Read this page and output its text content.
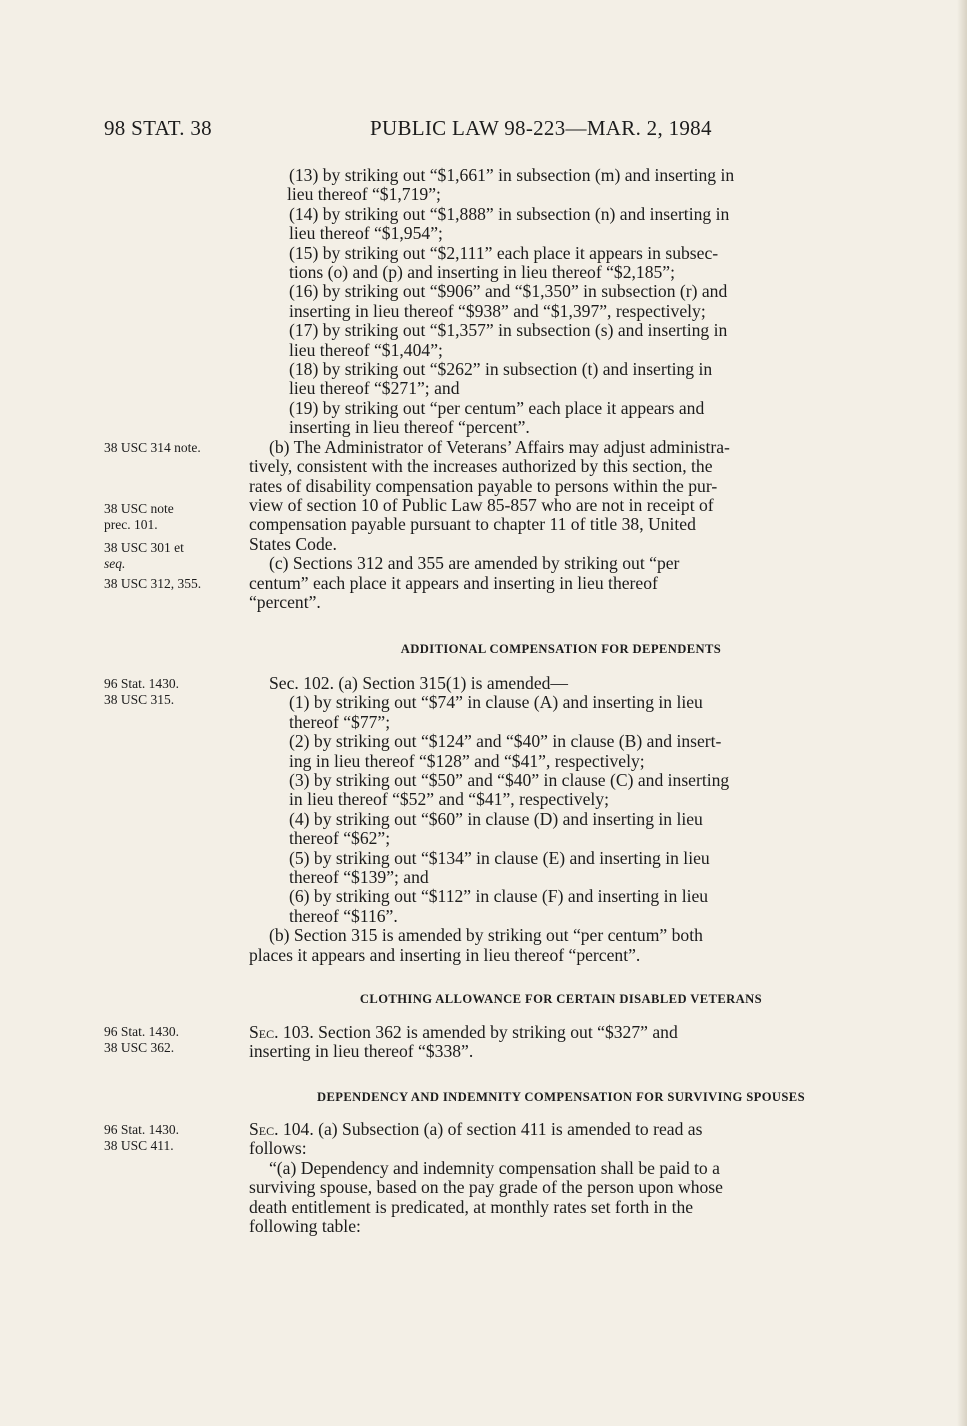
98 STAT. 38	PUBLIC LAW 98-223—MAR. 2, 1984
38 USC 314 note.
38 USC note
prec. 101.
38 USC 301 et
seq.
38 USC 312, 355.
96 Stat. 1430.
38 USC 315.
96 Stat. 1430.
38 USC 362.
96 Stat. 1430.
38 USC 411.
(13) by striking out “$1,661” in subsection (m) and inserting in
lieu thereof “$1,719”;
(14) by striking out “$1,888” in subsection (n) and inserting in
lieu thereof “$1,954”;
(15) by striking out “$2,111” each place it appears in subsec-
tions (o) and (p) and inserting in lieu thereof “$2,185”;
(16) by striking out “$906” and “$1,350” in subsection (r) and
inserting in lieu thereof “$938” and “$1,397”, respectively;
(17) by striking out “$1,357” in subsection (s) and inserting in
lieu thereof “$1,404”;
(18) by striking out “$262” in subsection (t) and inserting in
lieu thereof “$271”; and
(19) by striking out “per centum” each place it appears and
inserting in lieu thereof “percent”.
(b) The Administrator of Veterans’ Affairs may adjust administra-
tively, consistent with the increases authorized by this section, the
rates of disability compensation payable to persons within the pur-
view of section 10 of Public Law 85-857 who are not in receipt of
compensation payable pursuant to chapter 11 of title 38, United
States Code.
(c) Sections 312 and 355 are amended by striking out “per
centum” each place it appears and inserting in lieu thereof
“percent”.
ADDITIONAL COMPENSATION FOR DEPENDENTS
Sec. 102. (a) Section 315(1) is amended—
(1) by striking out “$74” in clause (A) and inserting in lieu
thereof “$77”;
(2) by striking out “$124” and “$40” in clause (B) and insert-
ing in lieu thereof “$128” and “$41”, respectively;
(3) by striking out “$50” and “$40” in clause (C) and inserting
in lieu thereof “$52” and “$41”, respectively;
(4) by striking out “$60” in clause (D) and inserting in lieu
thereof “$62”;
(5) by striking out “$134” in clause (E) and inserting in lieu
thereof “$139”; and
(6) by striking out “$112” in clause (F) and inserting in lieu
thereof “$116”.
(b) Section 315 is amended by striking out “per centum” both
places it appears and inserting in lieu thereof “percent”.
CLOTHING ALLOWANCE FOR CERTAIN DISABLED VETERANS
Sec. 103. Section 362 is amended by striking out “$327” and
inserting in lieu thereof “$338”.
DEPENDENCY AND INDEMNITY COMPENSATION FOR SURVIVING SPOUSES
Sec. 104. (a) Subsection (a) of section 411 is amended to read as
follows:
“(a) Dependency and indemnity compensation shall be paid to a
surviving spouse, based on the pay grade of the person upon whose
death entitlement is predicated, at monthly rates set forth in the
following table:
